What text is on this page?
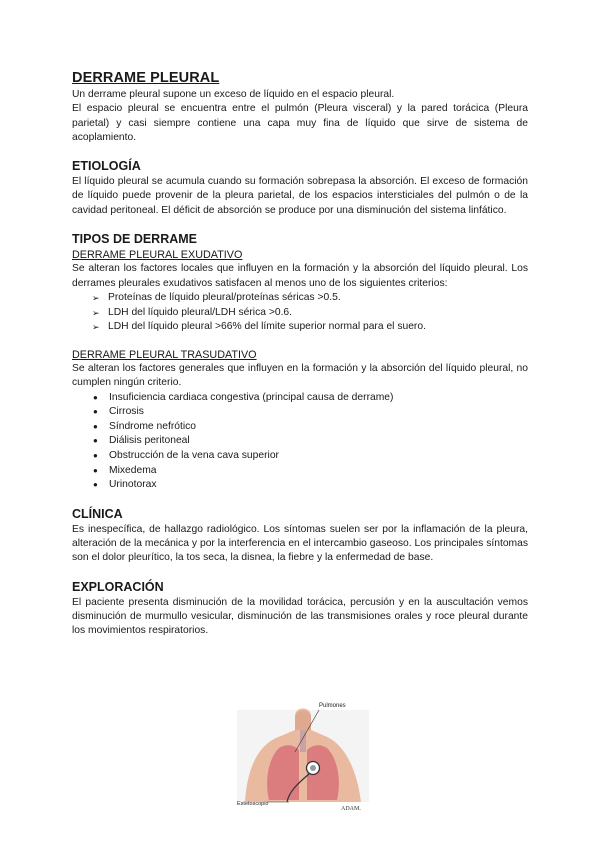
DERRAME PLEURAL

Un derrame pleural supone un exceso de líquido en el espacio pleural.

El espacio pleural se encuentra entre el pulmón (Pleura visceral) y la pared torácica (Pleura parietal) y casi siempre contiene una capa muy fina de líquido que sirve de sistema de acoplamiento.

ETIOLOGÍA

El líquido pleural se acumula cuando su formación sobrepasa la absorción. El exceso de formación de líquido puede provenir de la pleura parietal, de los espacios intersticiales del pulmón o de la cavidad peritoneal. El déficit de absorción se produce por una disminución del sistema linfático.

TIPOS DE DERRAME
DERRAME PLEURAL EXUDATIVO

Se alteran los factores locales que influyen en la formación y la absorción del líquido pleural. Los derrames pleurales exudativos satisfacen al menos uno de los siguientes criterios:

➢ Proteínas de líquido pleural/proteínas séricas >0.5.
➢ LDH del líquido pleural/LDH sérica >0.6.
➢ LDH del líquido pleural >66% del límite superior normal para el suero.
DERRAME PLEURAL TRASUDATIVO

Se alteran los factores generales que influyen en la formación y la absorción del líquido pleural, no cumplen ningún criterio.

●	Insuficiencia cardiaca congestiva (principal causa de derrame)
●	Cirrosis
●	Síndrome nefrótico
●	Diálisis peritoneal
●	Obstrucción de la vena cava superior
●	Mixedema
●	Urinotorax
CLÍNICA

Es inespecífica, de hallazgo radiológico. Los síntomas suelen ser por la inflamación de la pleura, alteración de la mecánica y por la interferencia en el intercambio gaseoso. Los principales síntomas son el dolor pleurítico, la tos seca, la disnea, la fiebre y la enfermedad de base.

EXPLORACIÓN

El paciente presenta disminución de la movilidad torácica, percusión y en la auscultación vemos disminución de murmullo vesicular, disminución de las transmisiones orales y roce pleural durante los movimientos respiratorios.

Pulmones
Estetoscopio
ADAM.
